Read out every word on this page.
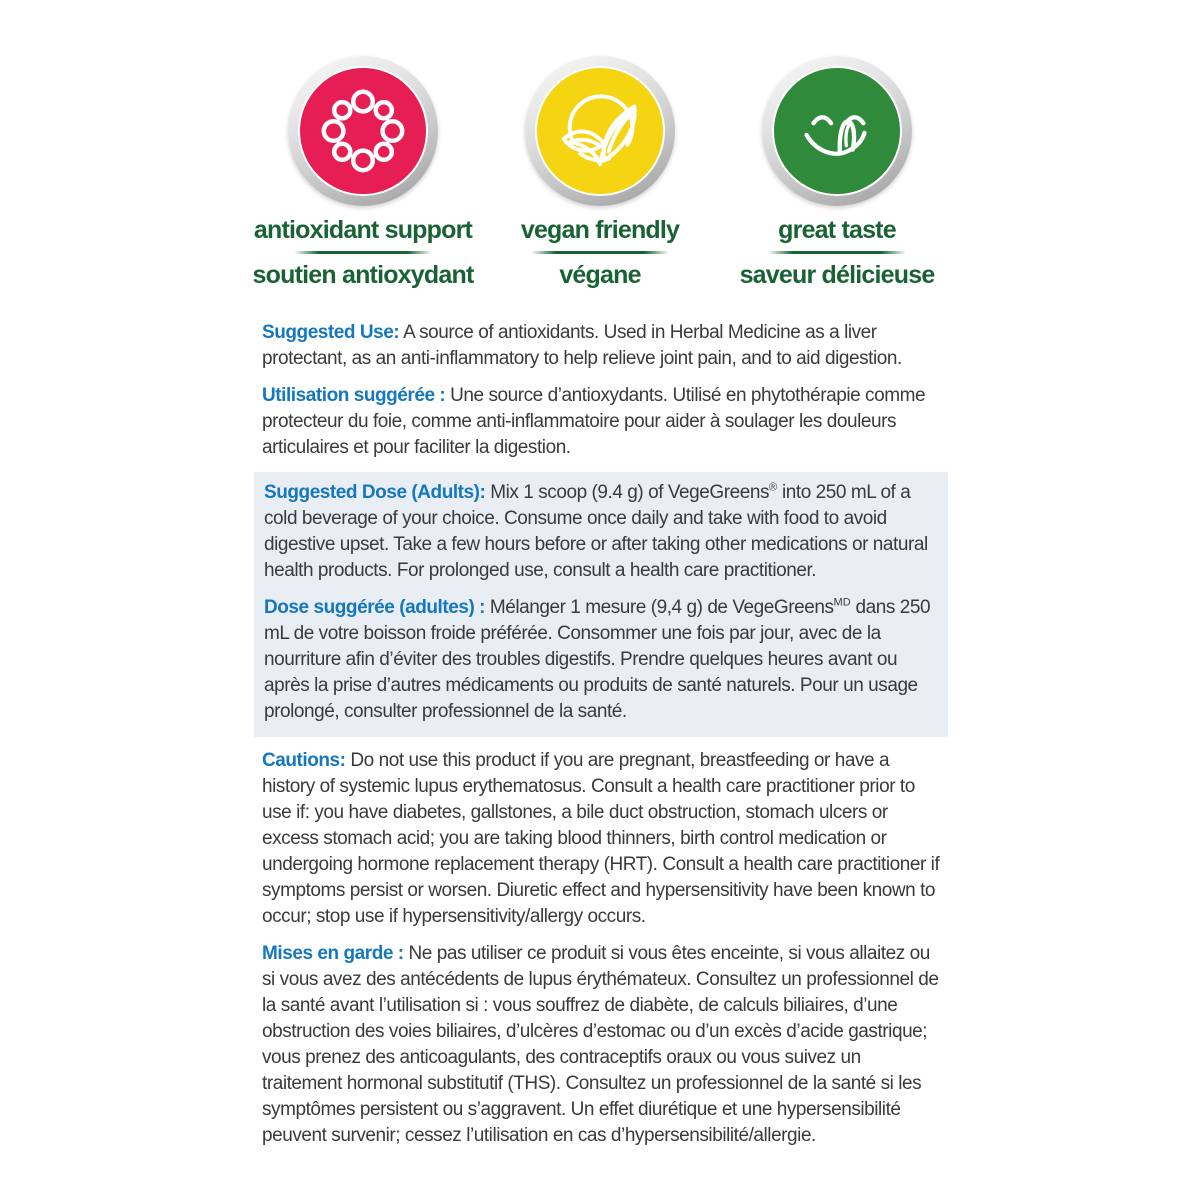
antioxidant support
soutien antioxydant
vegan friendly
végane
great taste
saveur délicieuse

Suggested Use: A source of antioxidants. Used in Herbal Medicine as a liver protectant, as an anti-inflammatory to help relieve joint pain, and to aid digestion.

Utilisation suggérée : Une source d’antioxydants. Utilisé en phytothérapie comme protecteur du foie, comme anti-inflammatoire pour aider à soulager les douleurs articulaires et pour faciliter la digestion.

Suggested Dose (Adults): Mix 1 scoop (9.4 g) of VegeGreens® into 250 mL of a cold beverage of your choice. Consume once daily and take with food to avoid digestive upset. Take a few hours before or after taking other medications or natural health products. For prolonged use, consult a health care practitioner.

Dose suggérée (adultes) : Mélanger 1 mesure (9,4 g) de VegeGreens$^{MD}$ dans 250 mL de votre boisson froide préférée. Consommer une fois par jour, avec de la nourriture afin d’éviter des troubles digestifs. Prendre quelques heures avant ou après la prise d’autres médicaments ou produits de santé naturels. Pour un usage prolongé, consulter professionnel de la santé.

Cautions: Do not use this product if you are pregnant, breastfeeding or have a history of systemic lupus erythematosus. Consult a health care practitioner prior to use if: you have diabetes, gallstones, a bile duct obstruction, stomach ulcers or excess stomach acid; you are taking blood thinners, birth control medication or undergoing hormone replacement therapy (HRT). Consult a health care practitioner if symptoms persist or worsen. Diuretic effect and hypersensitivity have been known to occur; stop use if hypersensitivity/allergy occurs.

Mises en garde : Ne pas utiliser ce produit si vous êtes enceinte, si vous allaitez ou si vous avez des antécédents de lupus érythémateux. Consultez un professionnel de la santé avant l’utilisation si : vous souffrez de diabète, de calculs biliaires, d’une obstruction des voies biliaires, d’ulcères d’estomac ou d’un excès d’acide gastrique; vous prenez des anticoagulants, des contraceptifs oraux ou vous suivez un traitement hormonal substitutif (THS). Consultez un professionnel de la santé si les symptômes persistent ou s’aggravent. Un effet diurétique et une hypersensibilité peuvent survenir; cessez l’utilisation en cas d’hypersensibilité/allergie.
